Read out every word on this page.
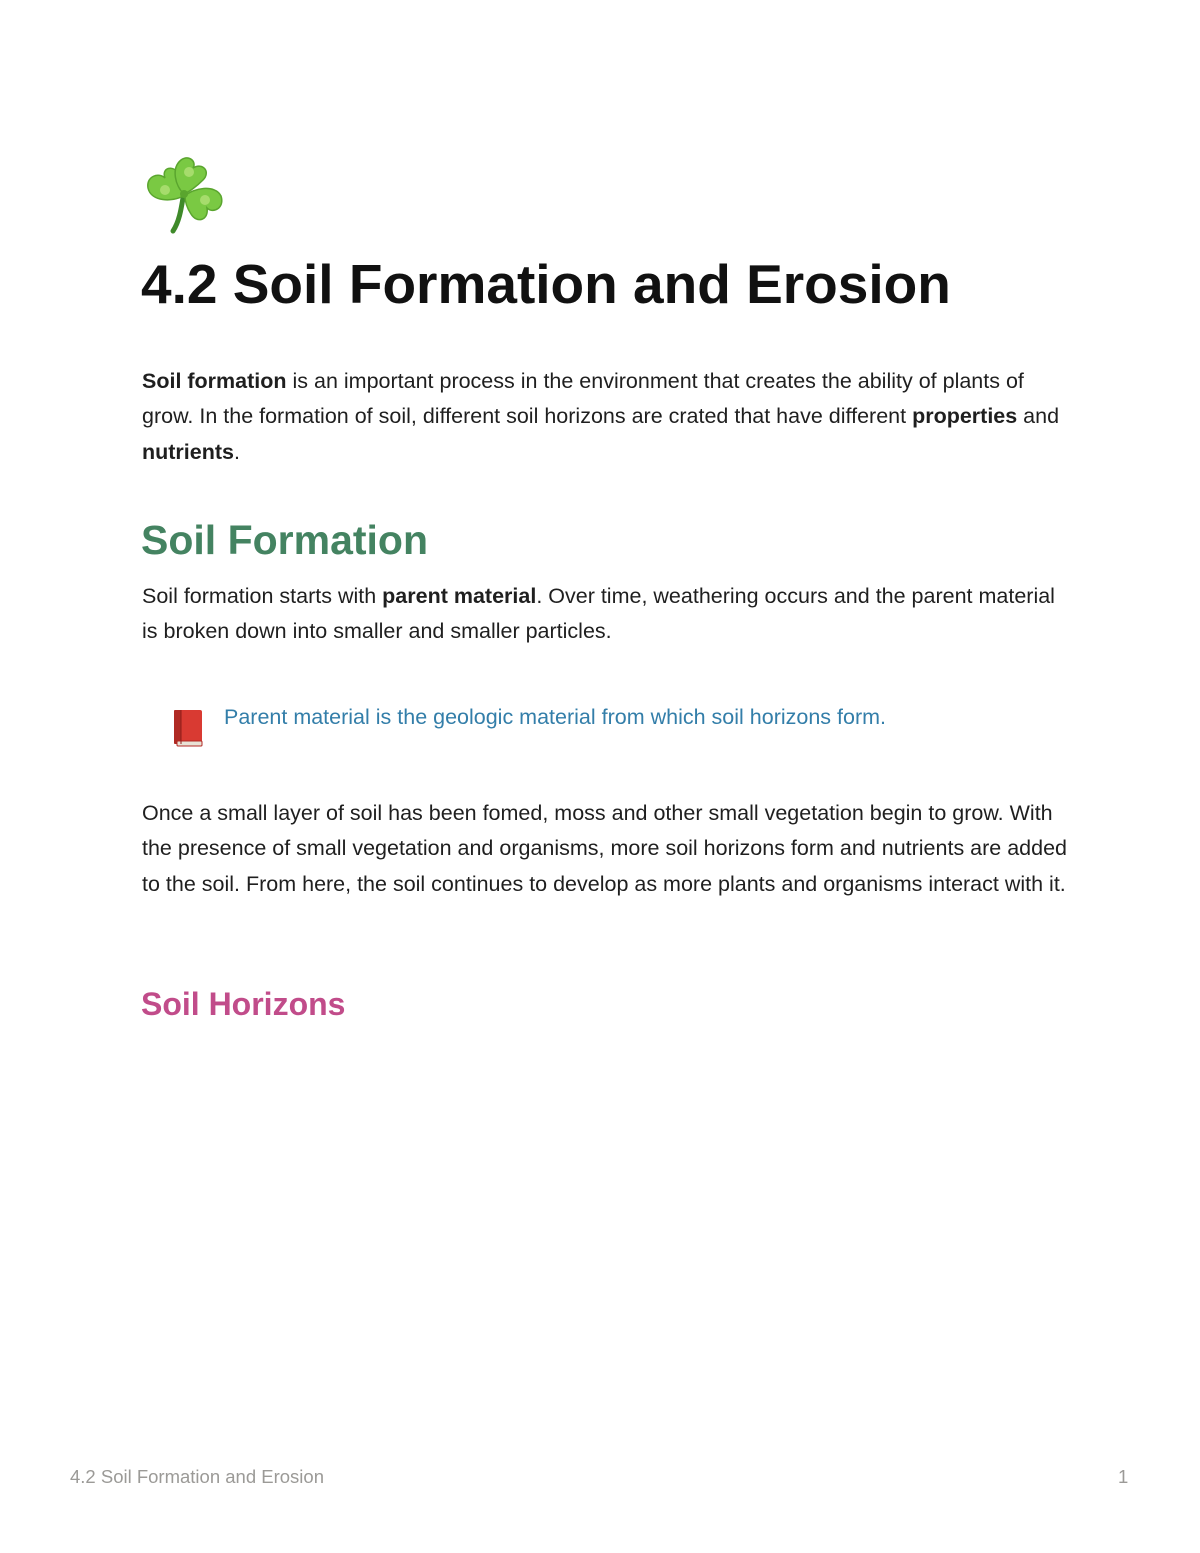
4.2 Soil Formation and Erosion

Soil formation is an important process in the environment that creates the ability of plants of grow. In the formation of soil, different soil horizons are crated that have different properties and nutrients.

Soil Formation

Soil formation starts with parent material. Over time, weathering occurs and the parent material is broken down into smaller and smaller particles.

Parent material is the geologic material from which soil horizons form.

Once a small layer of soil has been fomed, moss and other small vegetation begin to grow. With the presence of small vegetation and organisms, more soil horizons form and nutrients are added to the soil. From here, the soil continues to develop as more plants and organisms interact with it.

Soil Horizons
4.2 Soil Formation and Erosion	1
